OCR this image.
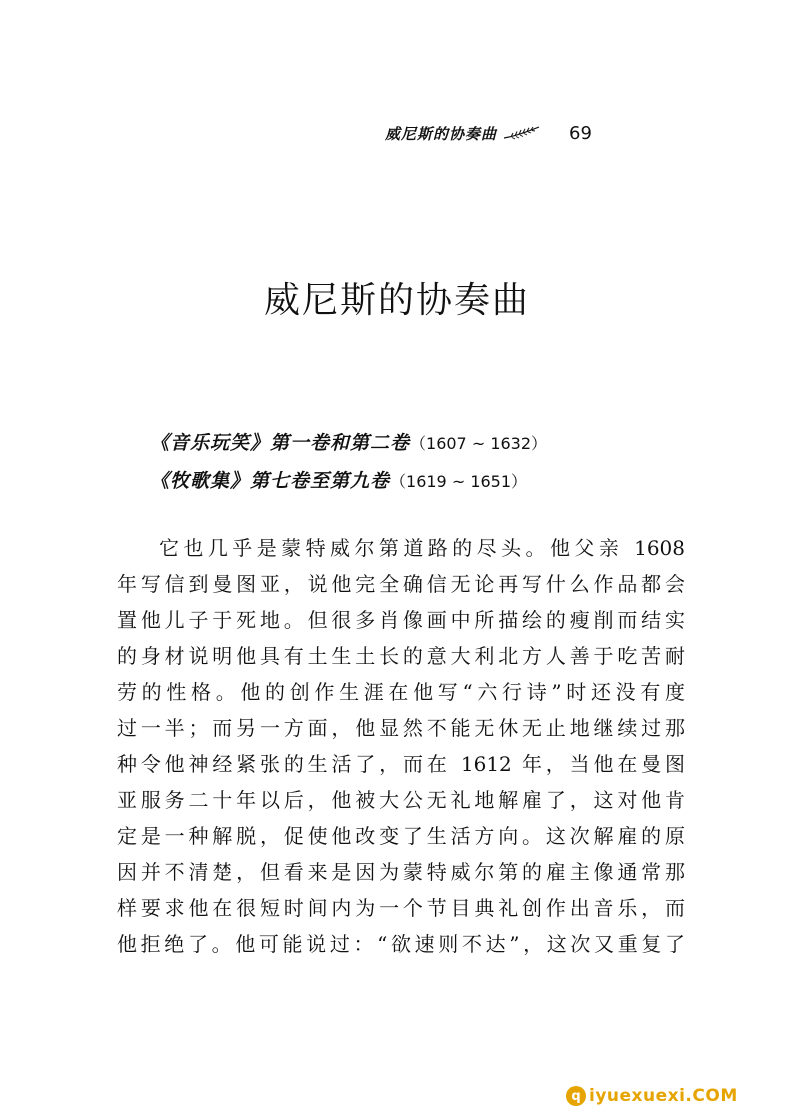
威尼斯的协奏曲	69
威尼斯的协奏曲
《音乐玩笑》第一卷和第二卷（1607 ~ 1632）
《牧歌集》第七卷至第九卷（1619 ~ 1651）
它也几乎是蒙特威尔第道路的尽头。他父亲 1608
年写信到曼图亚，说他完全确信无论再写什么作品都会
置他儿子于死地。但很多肖像画中所描绘的瘦削而结实
的身材说明他具有土生土长的意大利北方人善于吃苦耐
劳的性格。他的创作生涯在他写“六行诗”时还没有度
过一半；而另一方面，他显然不能无休无止地继续过那
种令他神经紧张的生活了，而在 1612 年，当他在曼图
亚服务二十年以后，他被大公无礼地解雇了，这对他肯
定是一种解脱，促使他改变了生活方向。这次解雇的原
因并不清楚，但看来是因为蒙特威尔第的雇主像通常那
样要求他在很短时间内为一个节目典礼创作出音乐，而
他拒绝了。他可能说过：“欲速则不达”，这次又重复了
q iyuexuexi.COM
